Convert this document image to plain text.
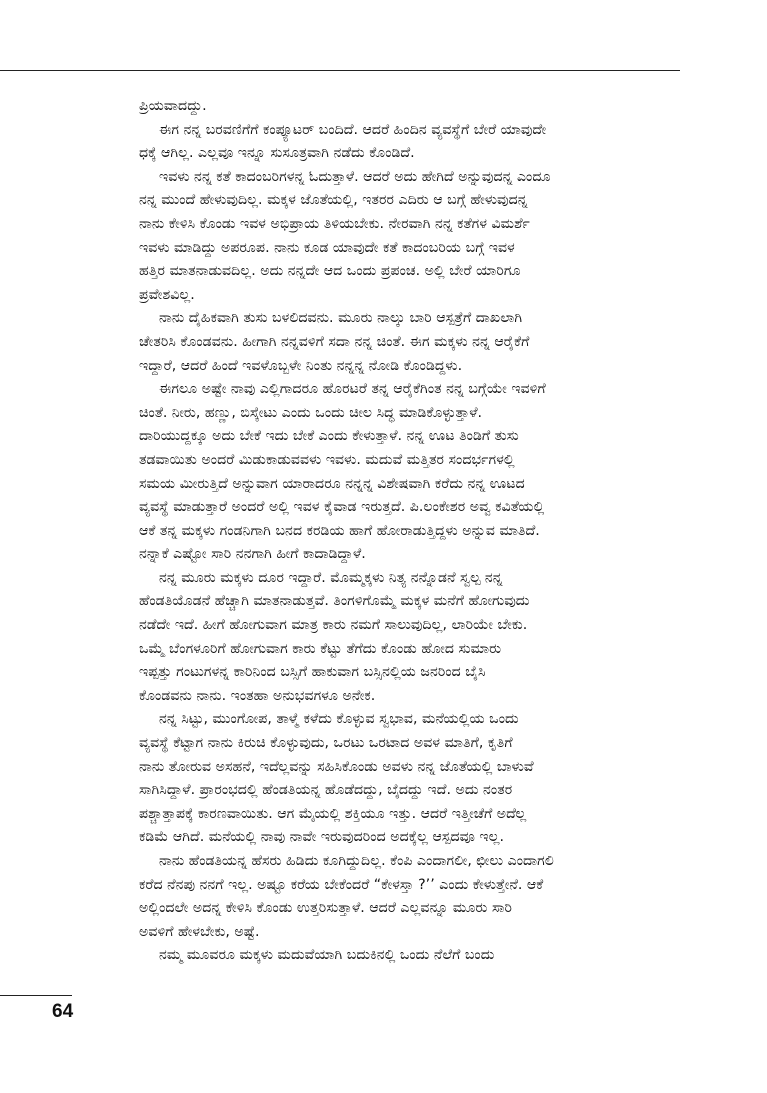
ಪ್ರಿಯವಾದದ್ದು.
ಈಗ ನನ್ನ ಬರವಣಿಗೆಗೆ ಕಂಪ್ಯೂಟರ್ ಬಂದಿದೆ. ಆದರೆ ಹಿಂದಿನ ವ್ಯವಸ್ಥೆಗೆ ಬೇರೆ ಯಾವುದೇ
ಧಕ್ಕೆ ಆಗಿಲ್ಲ. ಎಲ್ಲವೂ ಇನ್ನೂ ಸುಸೂತ್ರವಾಗಿ ನಡೆದು ಕೊಂಡಿದೆ.
ಇವಳು ನನ್ನ ಕತೆ ಕಾದಂಬರಿಗಳನ್ನ ಓದುತ್ತಾಳೆ. ಆದರೆ ಅದು ಹೇಗಿದೆ ಅನ್ನುವುದನ್ನ ಎಂದೂ
ನನ್ನ ಮುಂದೆ ಹೇಳುವುದಿಲ್ಲ. ಮಕ್ಕಳ ಜೊತೆಯಲ್ಲಿ, ಇತರರ ಎದಿರು ಆ ಬಗ್ಗೆ ಹೇಳುವುದನ್ನ
ನಾನು ಕೇಳಿಸಿ ಕೊಂಡು ಇವಳ ಅಭಿಪ್ರಾಯ ತಿಳಿಯಬೇಕು. ನೇರವಾಗಿ ನನ್ನ ಕತೆಗಳ ವಿಮರ್ಶೆ
ಇವಳು ಮಾಡಿದ್ದು ಅಪರೂಪ. ನಾನು ಕೂಡ ಯಾವುದೇ ಕತೆ ಕಾದಂಬರಿಯ ಬಗ್ಗೆ ಇವಳ
ಹತ್ತಿರ ಮಾತನಾಡುವದಿಲ್ಲ. ಅದು ನನ್ನದೇ ಆದ ಒಂದು ಪ್ರಪಂಚ. ಅಲ್ಲಿ ಬೇರೆ ಯಾರಿಗೂ
ಪ್ರವೇಶವಿಲ್ಲ.
ನಾನು ದೈಹಿಕವಾಗಿ ತುಸು ಬಳಲಿದವನು. ಮೂರು ನಾಲ್ಕು ಬಾರಿ ಆಸ್ಪತ್ರೆಗೆ ದಾಖಲಾಗಿ
ಚೇತರಿಸಿ ಕೊಂಡವನು. ಹೀಗಾಗಿ ನನ್ನವಳಿಗೆ ಸದಾ ನನ್ನ ಚಿಂತೆ. ಈಗ ಮಕ್ಕಳು ನನ್ನ ಆರೈಕೆಗೆ
ಇದ್ದಾರೆ, ಆದರೆ ಹಿಂದೆ ಇವಳೊಬ್ಬಳೇ ನಿಂತು ನನ್ನನ್ನ ನೋಡಿ ಕೊಂಡಿದ್ದಳು.
ಈಗಲೂ ಅಷ್ಟೇ ನಾವು ಎಲ್ಲಿಗಾದರೂ ಹೊರಟರೆ ತನ್ನ ಆರೈಕೆಗಿಂತ ನನ್ನ ಬಗ್ಗೆಯೇ ಇವಳಿಗೆ
ಚಿಂತೆ. ನೀರು, ಹಣ್ಣು, ಬಿಸ್ಕೇಟು ಎಂದು ಒಂದು ಚೀಲ ಸಿದ್ಧ ಮಾಡಿಕೊಳ್ಳುತ್ತಾಳೆ.
ದಾರಿಯುದ್ದಕ್ಕೂ ಅದು ಬೇಕೆ ಇದು ಬೇಕೆ ಎಂದು ಕೇಳುತ್ತಾಳೆ. ನನ್ನ ಊಟ ತಿಂಡಿಗೆ ತುಸು
ತಡವಾಯಿತು ಅಂದರೆ ಮಿಡುಕಾಡುವವಳು ಇವಳು. ಮದುವೆ ಮತ್ತಿತರ ಸಂದರ್ಭಗಳಲ್ಲಿ
ಸಮಯ ಮೀರುತ್ತಿದೆ ಅನ್ನುವಾಗ ಯಾರಾದರೂ ನನ್ನನ್ನ ವಿಶೇಷವಾಗಿ ಕರೆದು ನನ್ನ ಊಟದ
ವ್ಯವಸ್ಥೆ ಮಾಡುತ್ತಾರೆ ಅಂದರೆ ಅಲ್ಲಿ ಇವಳ ಕೈವಾಡ ಇರುತ್ತದೆ. ಪಿ.ಲಂಕೇಶರ ಅವ್ವ ಕವಿತೆಯಲ್ಲಿ
ಆಕೆ ತನ್ನ ಮಕ್ಕಳು ಗಂಡನಿಗಾಗಿ ಬನದ ಕರಡಿಯ ಹಾಗೆ ಹೋರಾಡುತ್ತಿದ್ದಳು ಅನ್ನುವ ಮಾತಿದೆ.
ನನ್ನಾಕೆ ಎಷ್ಟೋ ಸಾರಿ ನನಗಾಗಿ ಹೀಗೆ ಕಾದಾಡಿದ್ದಾಳೆ.
ನನ್ನ ಮೂರು ಮಕ್ಕಳು ದೂರ ಇದ್ದಾರೆ. ಮೊಮ್ಮಕ್ಕಳು ನಿತ್ಯ ನನ್ನೊಡನೆ ಸ್ವಲ್ಪ ನನ್ನ
ಹೆಂಡತಿಯೊಡನೆ ಹೆಚ್ಚಾಗಿ ಮಾತನಾಡುತ್ತವೆ. ತಿಂಗಳಿಗೊಮ್ಮೆ ಮಕ್ಕಳ ಮನೆಗೆ ಹೋಗುವುದು
ನಡೆದೇ ಇದೆ. ಹೀಗೆ ಹೋಗುವಾಗ ಮಾತ್ರ ಕಾರು ನಮಗೆ ಸಾಲುವುದಿಲ್ಲ, ಲಾರಿಯೇ ಬೇಕು.
ಒಮ್ಮೆ ಬೆಂಗಳೂರಿಗೆ ಹೋಗುವಾಗ ಕಾರು ಕೆಟ್ಟು ತೆಗೆದು ಕೊಂಡು ಹೋದ ಸುಮಾರು
ಇಪ್ಪತ್ತು ಗಂಟುಗಳನ್ನ ಕಾರಿನಿಂದ ಬಸ್ಸಿಗೆ ಹಾಕುವಾಗ ಬಸ್ಸಿನಲ್ಲಿಯ ಜನರಿಂದ ಬೈಸಿ
ಕೊಂಡವನು ನಾನು. ಇಂತಹಾ ಅನುಭವಗಳೂ ಅನೇಕ.
ನನ್ನ ಸಿಟ್ಟು, ಮುಂಗೋಪ, ತಾಳ್ಮೆ ಕಳೆದು ಕೊಳ್ಳುವ ಸ್ವಭಾವ, ಮನೆಯಲ್ಲಿಯ ಒಂದು
ವ್ಯವಸ್ಥೆ ಕೆಟ್ಟಾಗ ನಾನು ಕಿರುಚಿ ಕೊಳ್ಳುವುದು, ಒರಟು ಒರಟಾದ ಅವಳ ಮಾತಿಗೆ, ಕೃತಿಗೆ
ನಾನು ತೋರುವ ಅಸಹನೆ, ಇದೆಲ್ಲವನ್ನು ಸಹಿಸಿಕೊಂಡು ಅವಳು ನನ್ನ ಜೊತೆಯಲ್ಲಿ ಬಾಳುವೆ
ಸಾಗಿಸಿದ್ದಾಳೆ. ಪ್ರಾರಂಭದಲ್ಲಿ ಹೆಂಡತಿಯನ್ನ ಹೊಡೆದದ್ದು, ಬೈದದ್ದು ಇದೆ. ಅದು ನಂತರ
ಪಶ್ಚಾತ್ತಾಪಕ್ಕೆ ಕಾರಣವಾಯಿತು. ಆಗ ಮೈಯಲ್ಲಿ ಶಕ್ತಿಯೂ ಇತ್ತು. ಆದರೆ ಇತ್ತೀಚೆಗೆ ಅದೆಲ್ಲ
ಕಡಿಮೆ ಆಗಿದೆ. ಮನೆಯಲ್ಲಿ ನಾವು ನಾವೇ ಇರುವುದರಿಂದ ಅದಕ್ಕೆಲ್ಲ ಆಸ್ಪದವೂ ಇಲ್ಲ.
ನಾನು ಹೆಂಡತಿಯನ್ನ ಹೆಸರು ಹಿಡಿದು ಕೂಗಿದ್ದುದಿಲ್ಲ. ಕೆಂಪಿ ಎಂದಾಗಲೀ, ಛೀಲು ಎಂದಾಗಲಿ
ಕರೆದ ನೆನಪು ನನಗೆ ಇಲ್ಲ. ಅಷ್ಟೂ ಕರೆಯ ಬೇಕೆಂದರೆ “ಕೇಳಸ್ತಾ ?’’ ಎಂದು ಕೇಳುತ್ತೇನೆ. ಆಕೆ
ಅಲ್ಲಿಂದಲೇ ಅದನ್ನ ಕೇಳಿಸಿ ಕೊಂಡು ಉತ್ತರಿಸುತ್ತಾಳೆ. ಆದರೆ ಎಲ್ಲವನ್ನೂ ಮೂರು ಸಾರಿ
ಅವಳಿಗೆ ಹೇಳಬೇಕು, ಅಷ್ಟೆ.
ನಮ್ಮ ಮೂವರೂ ಮಕ್ಕಳು ಮದುವೆಯಾಗಿ ಬದುಕಿನಲ್ಲಿ ಒಂದು ನೆಲೆಗೆ ಬಂದು
64
